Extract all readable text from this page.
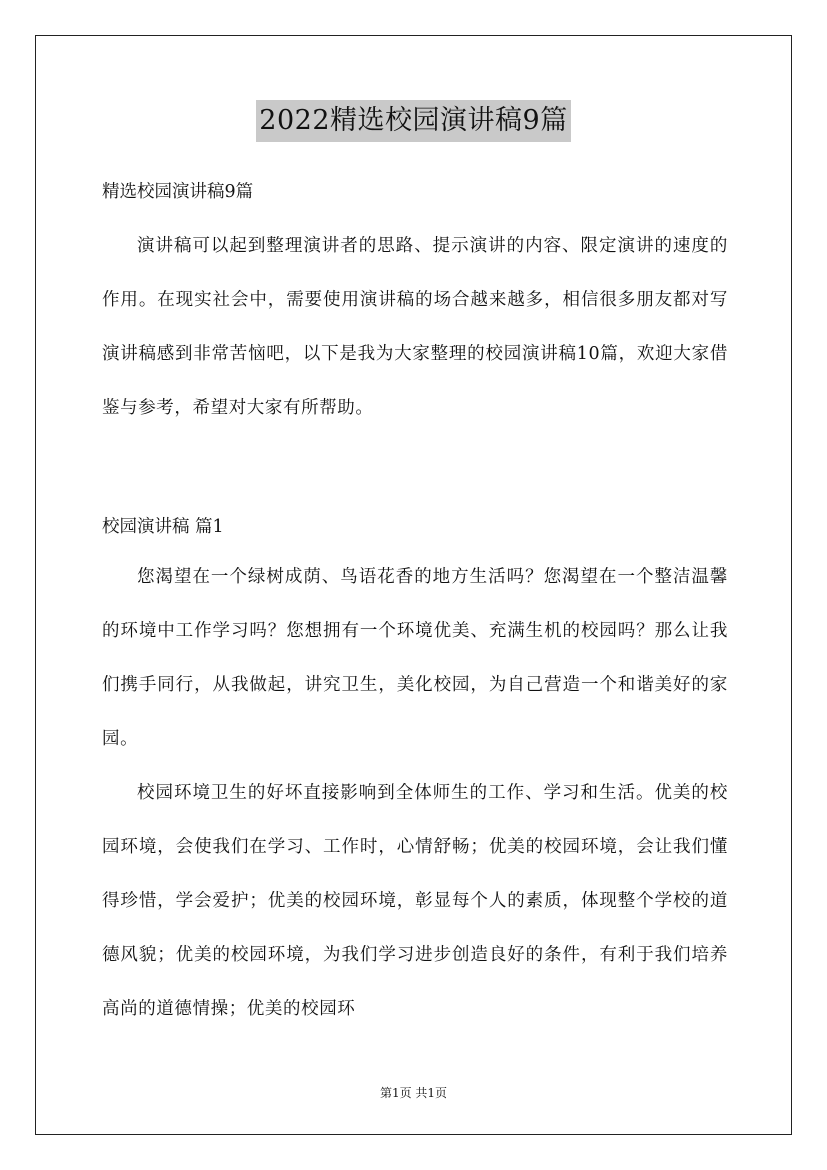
2022精选校园演讲稿9篇

精选校园演讲稿9篇

演讲稿可以起到整理演讲者的思路、提示演讲的内容、限定演讲的速度的作用。在现实社会中，需要使用演讲稿的场合越来越多，相信很多朋友都对写演讲稿感到非常苦恼吧，以下是我为大家整理的校园演讲稿10篇，欢迎大家借鉴与参考，希望对大家有所帮助。

校园演讲稿 篇1

您渴望在一个绿树成荫、鸟语花香的地方生活吗？您渴望在一个整洁温馨的环境中工作学习吗？您想拥有一个环境优美、充满生机的校园吗？那么让我们携手同行，从我做起，讲究卫生，美化校园，为自己营造一个和谐美好的家园。

校园环境卫生的好坏直接影响到全体师生的工作、学习和生活。优美的校园环境，会使我们在学习、工作时，心情舒畅；优美的校园环境，会让我们懂得珍惜，学会爱护；优美的校园环境，彰显每个人的素质，体现整个学校的道德风貌；优美的校园环境，为我们学习进步创造良好的条件，有利于我们培养高尚的道德情操；优美的校园环

第1页 共1页
